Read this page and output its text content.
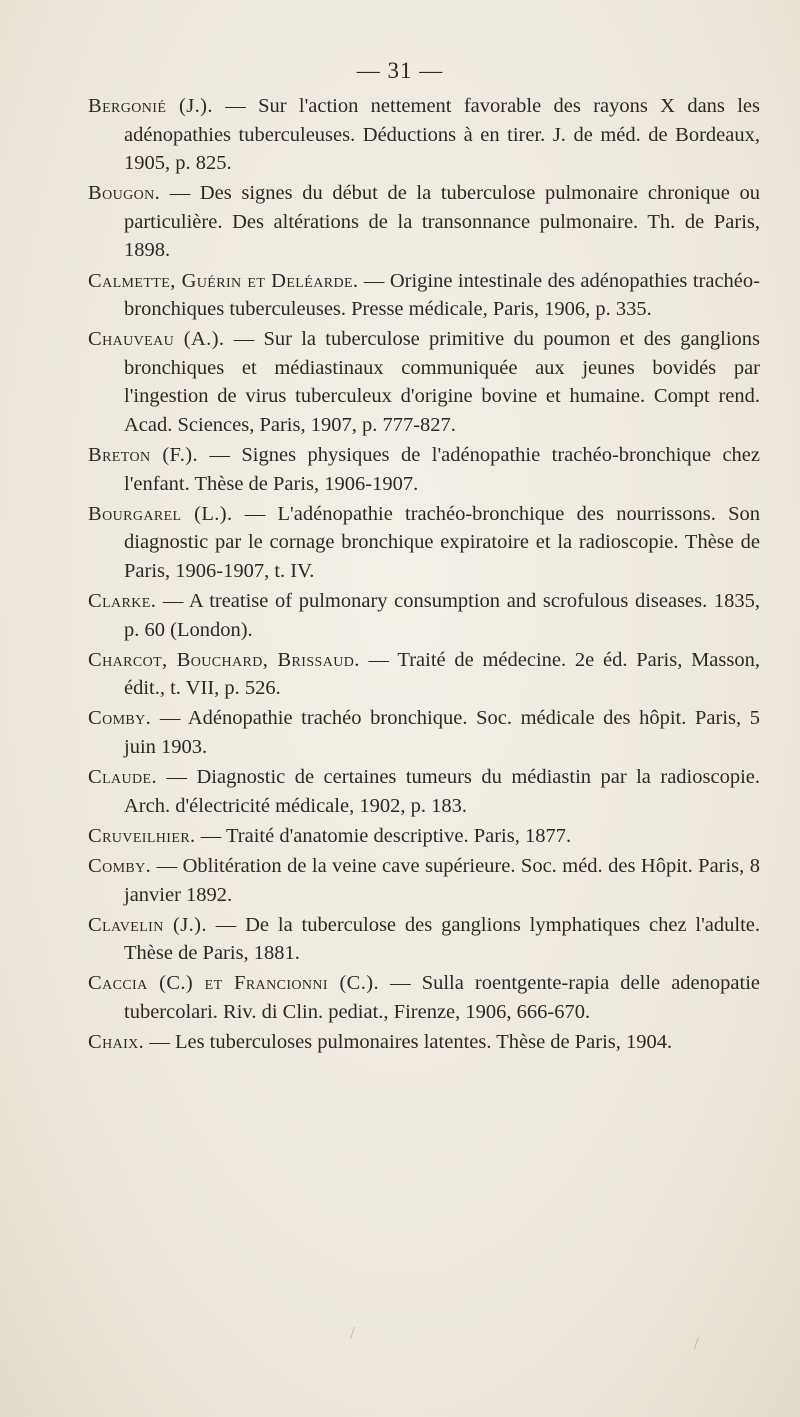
— 31 —

Bergonié (J.). — Sur l'action nettement favorable des rayons X dans les adénopathies tuberculeuses. Déductions à en tirer. J. de méd. de Bordeaux, 1905, p. 825.

Bougon. — Des signes du début de la tuberculose pulmonaire chronique ou particulière. Des altérations de la transonnance pulmonaire. Th. de Paris, 1898.

Calmette, Guérin et Deléarde. — Origine intestinale des adénopathies trachéo-bronchiques tuberculeuses. Presse médicale, Paris, 1906, p. 335.

Chauveau (A.). — Sur la tuberculose primitive du poumon et des ganglions bronchiques et médiastinaux communiquée aux jeunes bovidés par l'ingestion de virus tuberculeux d'origine bovine et humaine. Compt rend. Acad. Sciences, Paris, 1907, p. 777-827.

Breton (F.). — Signes physiques de l'adénopathie trachéo-bronchique chez l'enfant. Thèse de Paris, 1906-1907.

Bourgarel (L.). — L'adénopathie trachéo-bronchique des nourrissons. Son diagnostic par le cornage bronchique expiratoire et la radioscopie. Thèse de Paris, 1906-1907, t. IV.

Clarke. — A treatise of pulmonary consumption and scrofulous diseases. 1835, p. 60 (London).

Charcot, Bouchard, Brissaud. — Traité de médecine. 2e éd. Paris, Masson, édit., t. VII, p. 526.

Comby. — Adénopathie trachéo bronchique. Soc. médicale des hôpit. Paris, 5 juin 1903.

Claude. — Diagnostic de certaines tumeurs du médiastin par la radioscopie. Arch. d'électricité médicale, 1902, p. 183.

Cruveilhier. — Traité d'anatomie descriptive. Paris, 1877.

Comby. — Oblitération de la veine cave supérieure. Soc. méd. des Hôpit. Paris, 8 janvier 1892.

Clavelin (J.). — De la tuberculose des ganglions lymphatiques chez l'adulte. Thèse de Paris, 1881.

Caccia (C.) et Francionni (C.). — Sulla roentgente-rapia delle adenopatie tubercolari. Riv. di Clin. pediat., Firenze, 1906, 666-670.

Chaix. — Les tuberculoses pulmonaires latentes. Thèse de Paris, 1904.

/	/
